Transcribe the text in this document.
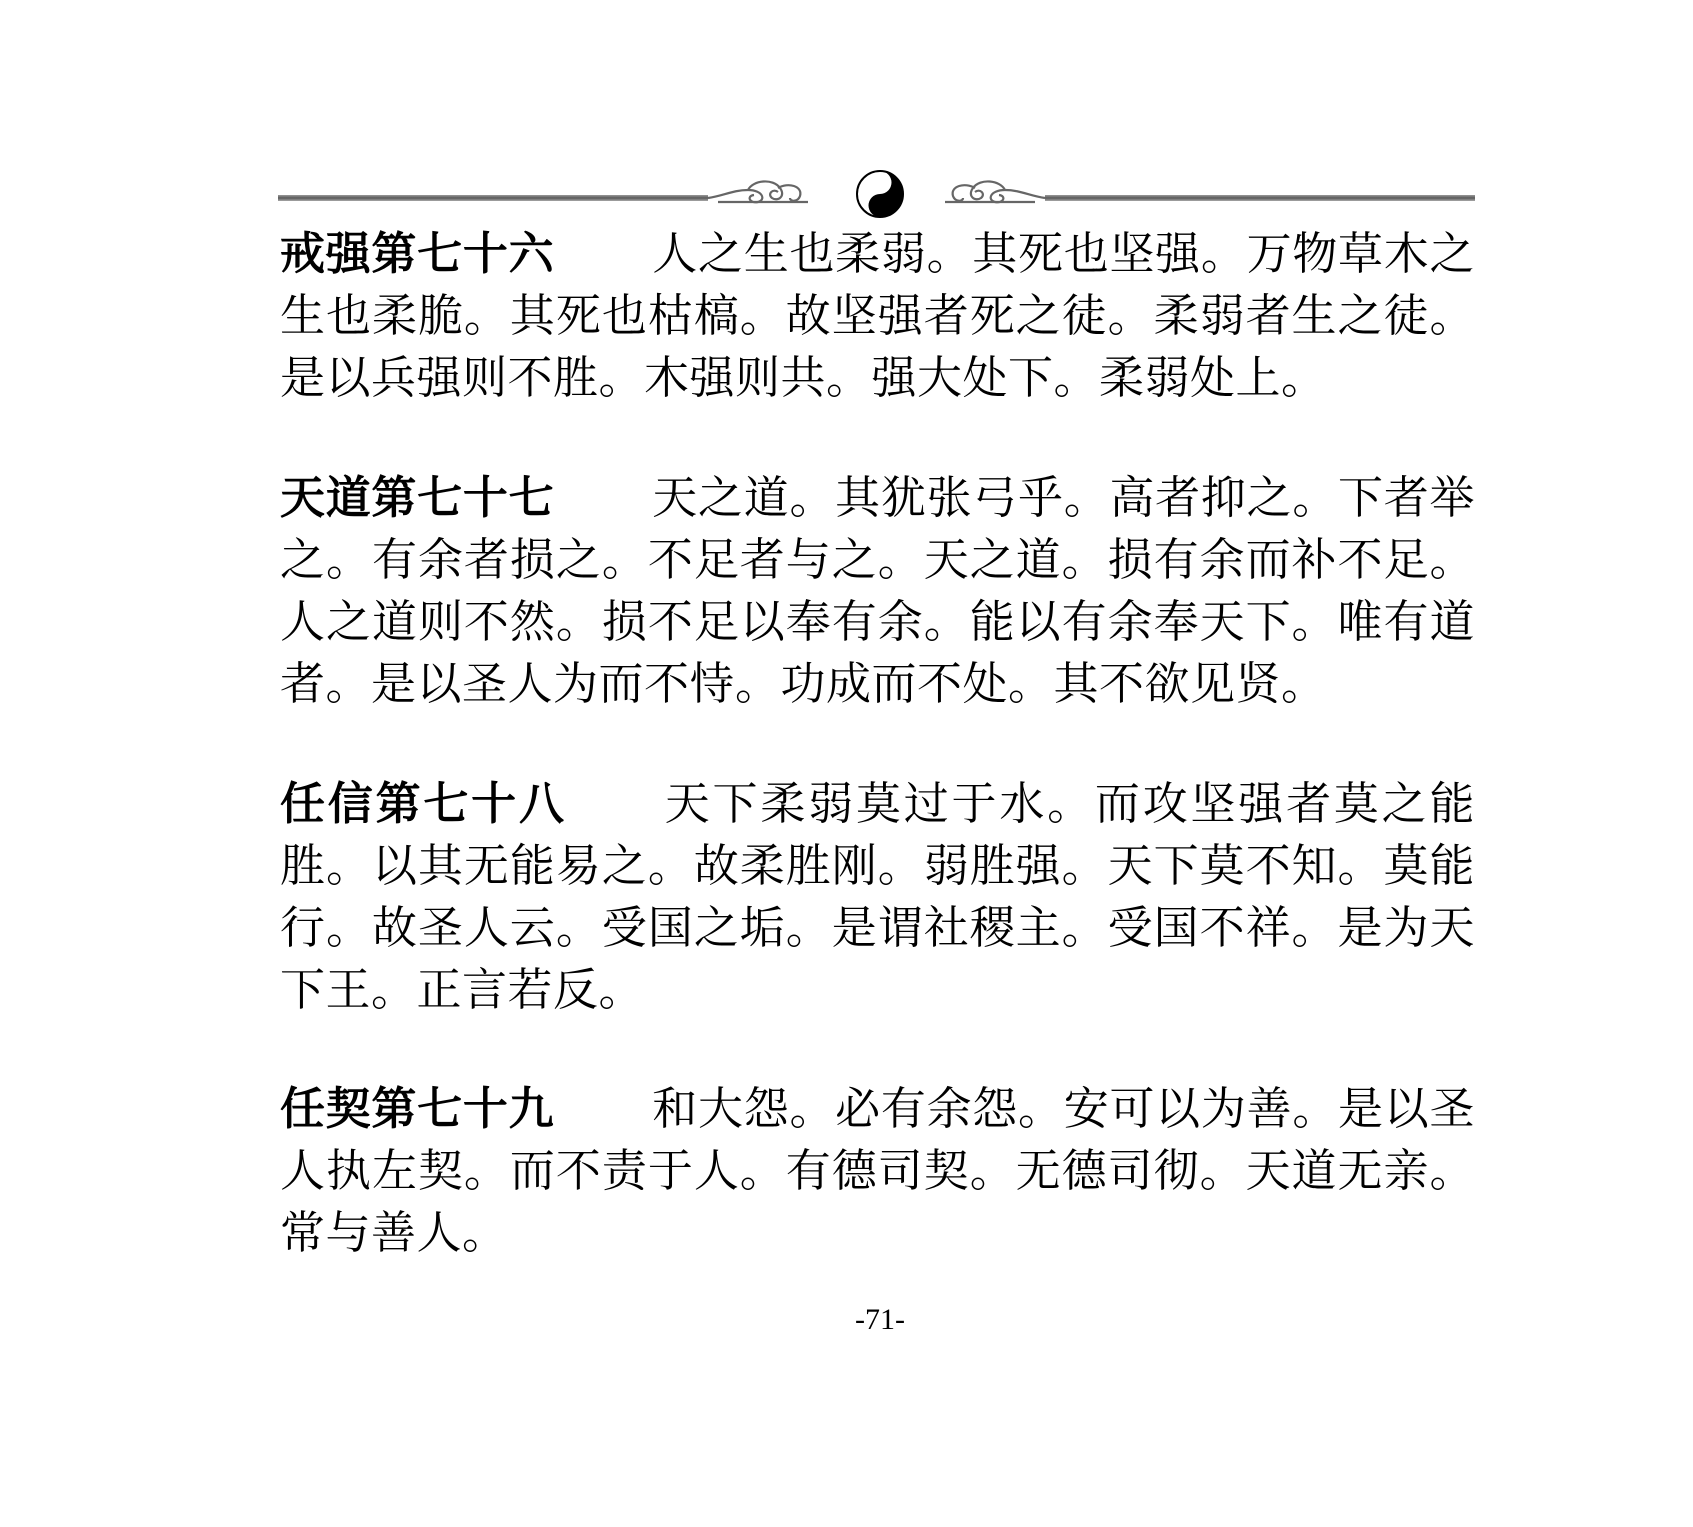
戒强第七十六 人之生也柔弱。其死也坚强。万物草木之生也柔脆。其死也枯槁。故坚强者死之徒。柔弱者生之徒。是以兵强则不胜。木强则共。强大处下。柔弱处上。
天道第七十七 天之道。其犹张弓乎。高者抑之。下者举之。有余者损之。不足者与之。天之道。损有余而补不足。人之道则不然。损不足以奉有余。能以有余奉天下。唯有道者。是以圣人为而不恃。功成而不处。其不欲见贤。
任信第七十八 天下柔弱莫过于水。而攻坚强者莫之能胜。以其无能易之。故柔胜刚。弱胜强。天下莫不知。莫能行。故圣人云。受国之垢。是谓社稷主。受国不祥。是为天下王。正言若反。
任契第七十九 和大怨。必有余怨。安可以为善。是以圣人执左契。而不责于人。有德司契。无德司彻。天道无亲。常与善人。
-71-
